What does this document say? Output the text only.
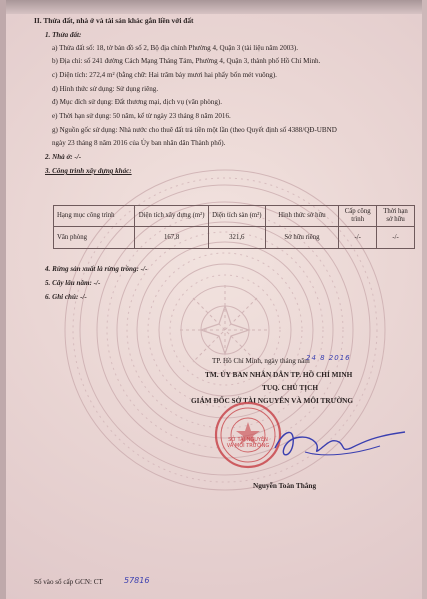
II. Thửa đất, nhà ở và tài sản khác gắn liền với đất
1. Thửa đất:
a) Thửa đất số: 18, tờ bản đồ số 2, Bộ địa chính Phường 4, Quận 3 (tài liệu năm 2003).
b) Địa chỉ: số 241 đường Cách Mạng Tháng Tám, Phường 4, Quận 3, thành phố Hồ Chí Minh.
c) Diện tích: 272,4 m² (bằng chữ: Hai trăm bảy mươi hai phẩy bốn mét vuông).
d) Hình thức sử dụng: Sử dụng riêng.
đ) Mục đích sử dụng: Đất thương mại, dịch vụ (văn phòng).
e) Thời hạn sử dụng: 50 năm, kể từ ngày 23 tháng 8 năm 2016.
g) Nguồn gốc sử dụng: Nhà nước cho thuê đất trả tiền một lần (theo Quyết định số 4388/QĐ-UBND
ngày 23 tháng 8 năm 2016 của Ủy ban nhân dân Thành phố).
2. Nhà ở: -/-
3. Công trình xây dựng khác:
Hạng mục công trình	Diện tích xây dựng (m²)	Diện tích sàn (m²)	Hình thức sở hữu	Cấp công trình	Thời hạn sở hữu
Văn phòng	167,8	321,6	Sở hữu riêng	-/-	-/-
4. Rừng sản xuất là rừng trồng: -/-
5. Cây lâu năm: -/-
6. Ghi chú: -/-
TP. Hồ Chí Minh, ngày tháng năm
24 8 2016
TM. ỦY BAN NHÂN DÂN TP. HỒ CHÍ MINH
TUQ. CHỦ TỊCH
GIÁM ĐỐC SỞ TÀI NGUYÊN VÀ MÔI TRƯỜNG
SỞ TÀI NGUYÊN VÀ MÔI TRƯỜNG
Nguyễn Toàn Thắng
Số vào sổ cấp GCN: CT	57816
